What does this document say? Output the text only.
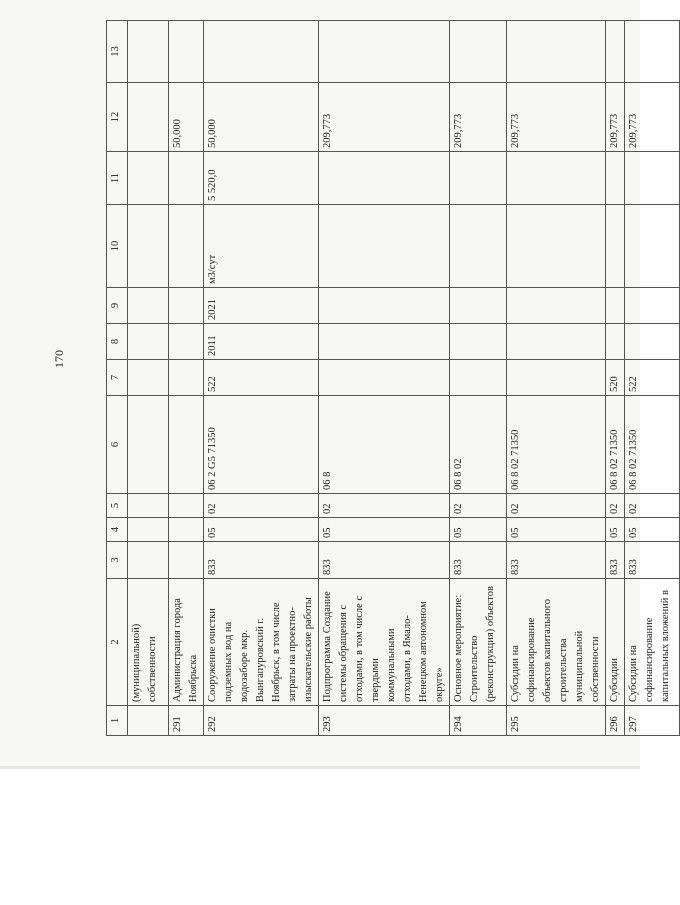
170
1	2	3	4	5	6	7	8	9	10	11	12	13
	(муниципальной) собственности											
291	Администрация города Ноябрьска										50,000	
292	Сооружение очистки подземных вод на водозаборе мкр. Вынгапуровский г. Ноябрьск, в том числе затраты на проектно-изыскательские работы	833	05	02	06 2 G5 71350	522	2011	2021	м3/сут	5 520,0	50,000	
293	Подпрограмма Создание системы обращения с отходами, в том числе с твердыми коммунальными отходами, в Ямало-Ненецком автономном округе»	833	05	02	06 8						209,773	
294	Основное мероприятие: Строительство (реконструкция) объектов	833	05	02	06 8 02						209,773	
295	Субсидии на софинансирование объектов капитального строительства муниципальной собственности	833	05	02	06 8 02 71350						209,773	
296	Субсидии	833	05	02	06 8 02 71350	520					209,773	
297	Субсидии на софинансирование капитальных вложений в	833	05	02	06 8 02 71350	522					209,773	
